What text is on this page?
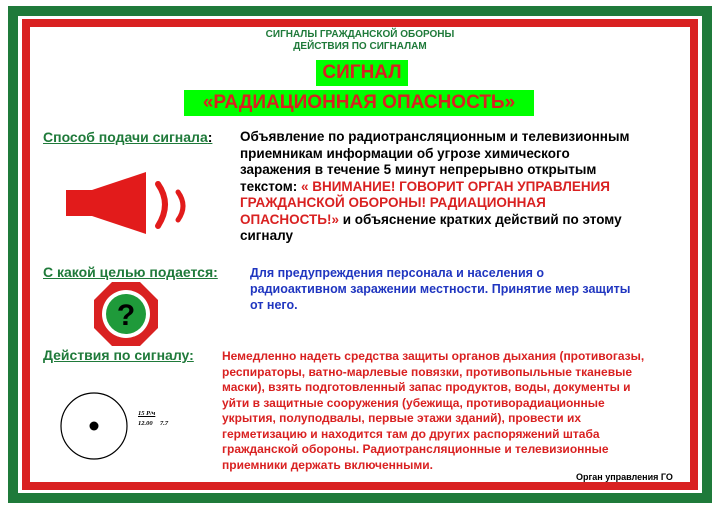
СИГНАЛЫ ГРАЖДАНСКОЙ ОБОРОНЫ
ДЕЙСТВИЯ ПО СИГНАЛАМ
СИГНАЛ
«РАДИАЦИОННАЯ ОПАСНОСТЬ»
Способ подачи сигнала: Объявление по радиотрансляционным и телевизионным
приемникам информации об угрозе химического
заражения в течение 5 минут непрерывно открытым
текстом: « ВНИМАНИЕ! ГОВОРИТ ОРГАН УПРАВЛЕНИЯ
ГРАЖДАНСКОЙ ОБОРОНЫ! РАДИАЦИОННАЯ
ОПАСНОСТЬ!» и объяснение кратких действий по этому
сигналу
С какой целью подается:	Для предупреждения персонала и населения о
радиоактивном заражении местности. Принятие мер защиты
от него.
?
Действия по сигналу: Немедленно надеть средства защиты органов дыхания (противогазы,
респираторы, ватно-марлевые повязки, противопыльные тканевые
маски), взять подготовленный запас продуктов, воды, документы и
уйти в защитные сооружения (убежища, противорадиационные
укрытия, полуподвалы, первые этажи зданий), провести их
герметизацию и находится там до других распоряжений штаба
гражданской обороны. Радиотрансляционные и телевизионные
приемники держать включенными.
15 Р/ч
12.00 7.7
Орган управления ГО
